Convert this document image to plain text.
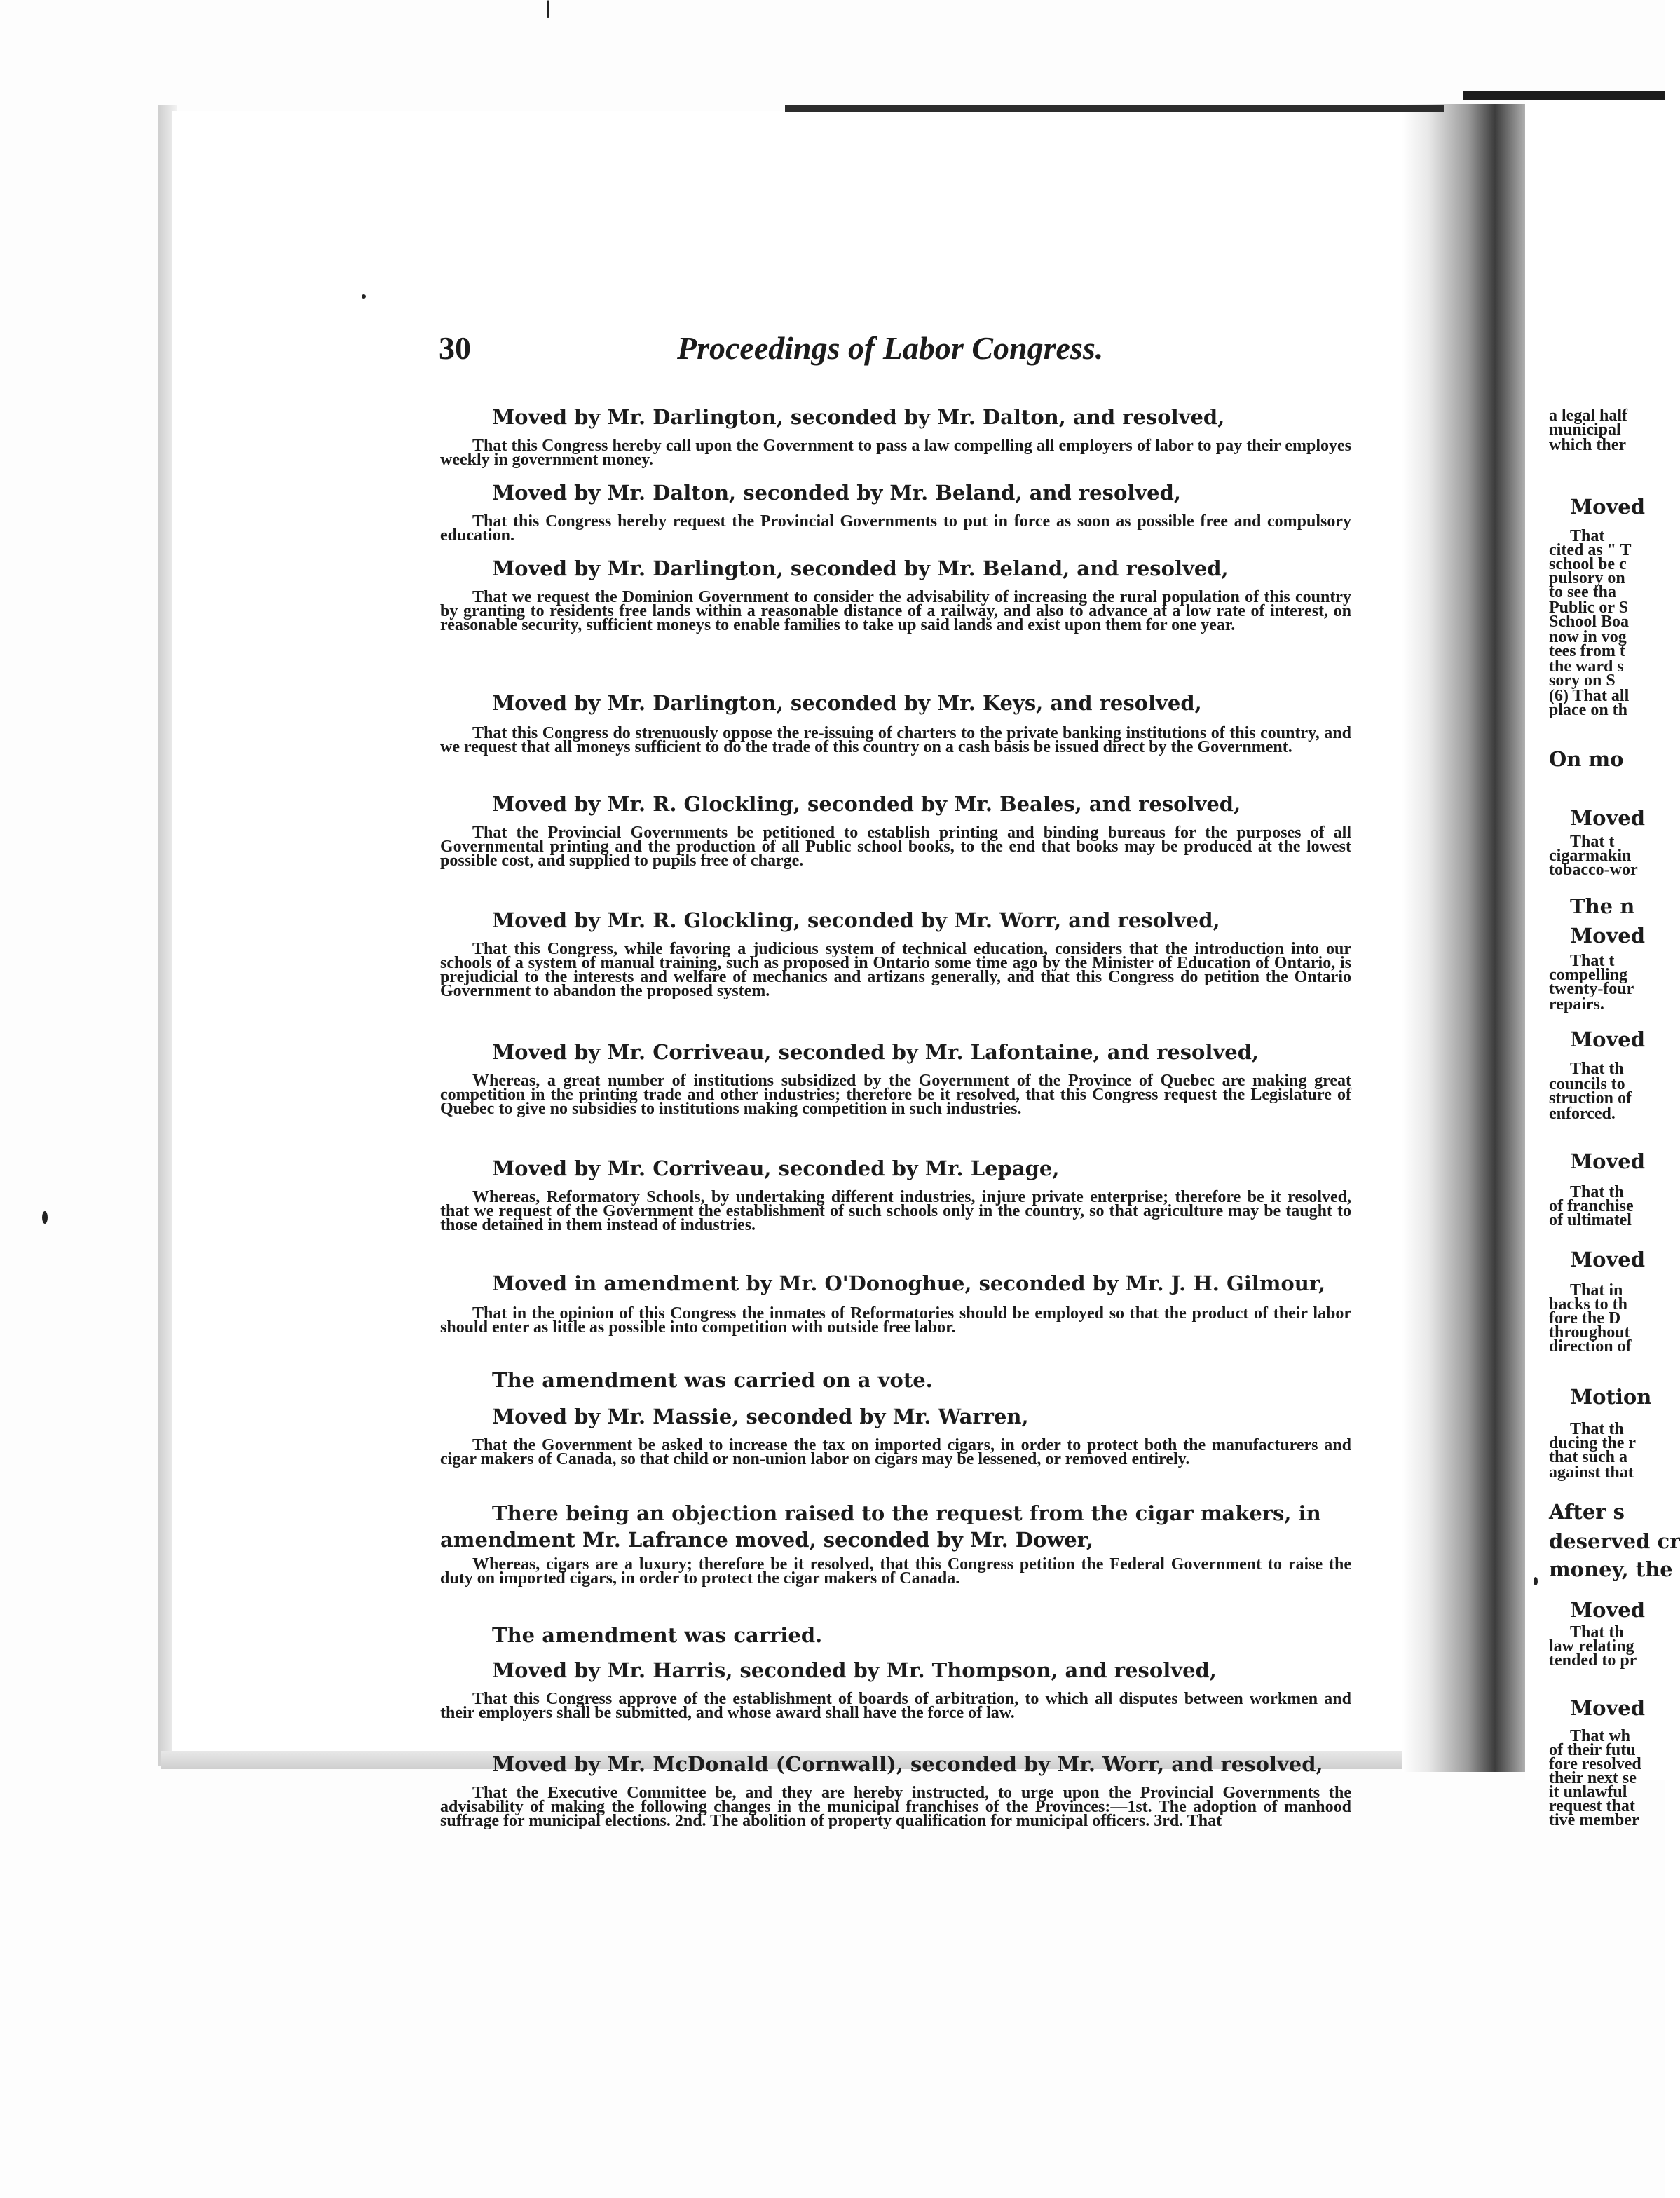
30	Proceedings of Labor Congress.
Moved by Mr. Darlington, seconded by Mr. Dalton, and resolved,
That this Congress hereby call upon the Government to pass a law compelling all employers of labor to pay their employes weekly in government money.
Moved by Mr. Dalton, seconded by Mr. Beland, and resolved,
That this Congress hereby request the Provincial Governments to put in force as soon as possible free and compulsory education.
Moved by Mr. Darlington, seconded by Mr. Beland, and resolved,
That we request the Dominion Government to consider the advisability of increasing the rural population of this country by granting to residents free lands within a reasonable distance of a railway, and also to advance at a low rate of interest, on reasonable security, sufficient moneys to enable families to take up said lands and exist upon them for one year.
Moved by Mr. Darlington, seconded by Mr. Keys, and resolved,
That this Congress do strenuously oppose the re-issuing of charters to the private banking institutions of this country, and we request that all moneys sufficient to do the trade of this country on a cash basis be issued direct by the Government.
Moved by Mr. R. Glockling, seconded by Mr. Beales, and resolved,
That the Provincial Governments be petitioned to establish printing and binding bureaus for the purposes of all Governmental printing and the production of all Public school books, to the end that books may be produced at the lowest possible cost, and supplied to pupils free of charge.
Moved by Mr. R. Glockling, seconded by Mr. Worr, and resolved,
That this Congress, while favoring a judicious system of technical education, considers that the introduction into our schools of a system of manual training, such as proposed in Ontario some time ago by the Minister of Education of Ontario, is prejudicial to the interests and welfare of mechanics and artizans generally, and that this Congress do petition the Ontario Government to abandon the proposed system.
Moved by Mr. Corriveau, seconded by Mr. Lafontaine, and resolved,
Whereas, a great number of institutions subsidized by the Government of the Province of Quebec are making great competition in the printing trade and other industries; therefore be it resolved, that this Congress request the Legislature of Quebec to give no subsidies to institutions making competition in such industries.
Moved by Mr. Corriveau, seconded by Mr. Lepage,
Whereas, Reformatory Schools, by undertaking different industries, injure private enterprise; therefore be it resolved, that we request of the Government the establishment of such schools only in the country, so that agriculture may be taught to those detained in them instead of industries.
Moved in amendment by Mr. O'Donoghue, seconded by Mr. J. H. Gilmour,
That in the opinion of this Congress the inmates of Reformatories should be employed so that the product of their labor should enter as little as possible into competition with outside free labor.
The amendment was carried on a vote.
Moved by Mr. Massie, seconded by Mr. Warren,
That the Government be asked to increase the tax on imported cigars, in order to protect both the manufacturers and cigar makers of Canada, so that child or non-union labor on cigars may be lessened, or removed entirely.
There being an objection raised to the request from the cigar makers, in amendment Mr. Lafrance moved, seconded by Mr. Dower,
Whereas, cigars are a luxury; therefore be it resolved, that this Congress petition the Federal Government to raise the duty on imported cigars, in order to protect the cigar makers of Canada.
The amendment was carried.
Moved by Mr. Harris, seconded by Mr. Thompson, and resolved,
That this Congress approve of the establishment of boards of arbitration, to which all disputes between workmen and their employers shall be submitted, and whose award shall have the force of law.
Moved by Mr. McDonald (Cornwall), seconded by Mr. Worr, and resolved,
That the Executive Committee be, and they are hereby instructed, to urge upon the Provincial Governments the advisability of making the following changes in the municipal franchises of the Provinces:—1st. The adoption of manhood suffrage for municipal elections. 2nd. The abolition of property qualification for municipal officers. 3rd. That
a legal half
municipal
which ther
Moved
That
cited as " T
school be c
pulsory on
to see tha
Public or S
School Boa
now in vog
tees from t
the ward s
sory on S
(6) That all
place on th
On mo
Moved
That t
cigarmakin
tobacco-wor
The n
Moved
That t
compelling
twenty-four
repairs.
Moved
That th
councils to
struction of
enforced.
Moved
That th
of franchise
of ultimatel
Moved
That in
backs to th
fore the D
throughout
direction of
Motion
That th
ducing the r
that such a
against that
After s
deserved cr
money, the
Moved
That th
law relating
tended to pr
Moved
That wh
of their futu
fore resolved
their next se
it unlawful
request that
tive member
